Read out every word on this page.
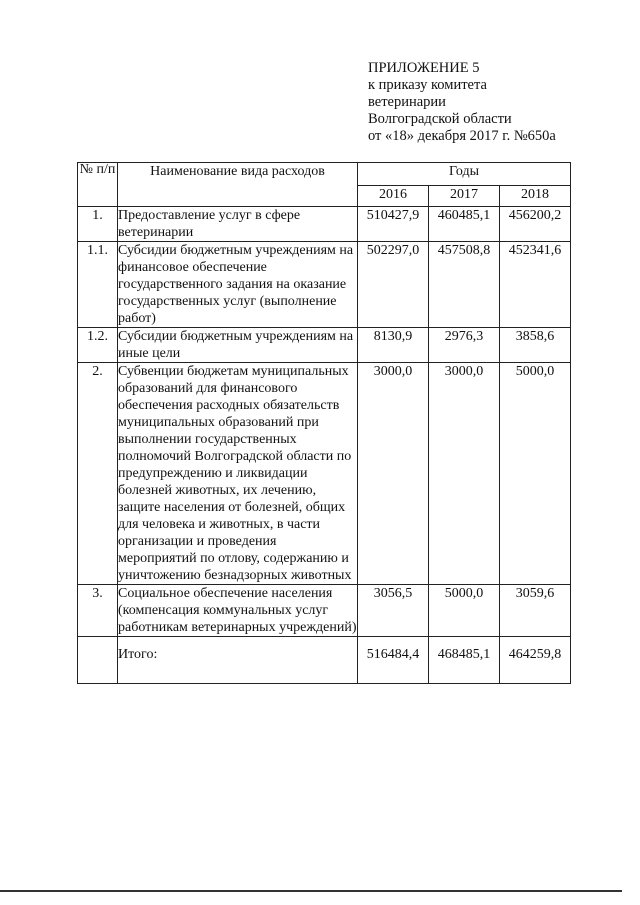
ПРИЛОЖЕНИЕ 5
к приказу комитета
ветеринарии
Волгоградской области
от «18» декабря 2017 г. №650а
№ п/п	Наименование вида расходов	Годы		
		2016	2017	2018
1.	Предоставление услуг в сфере ветеринарии	510427,9	460485,1	456200,2
1.1.	Субсидии бюджетным учреждениям на финансовое обеспечение государственного задания на оказание государственных услуг (выполнение работ)	502297,0	457508,8	452341,6
1.2.	Субсидии бюджетным учреждениям на иные цели	8130,9	2976,3	3858,6
2.	Субвенции бюджетам муниципальных образований для финансового обеспечения расходных обязательств муниципальных образований при выполнении государственных полномочий Волгоградской области по предупреждению и ликвидации болезней животных, их лечению, защите населения от болезней, общих для человека и животных, в части организации и проведения мероприятий по отлову, содержанию и уничтожению безнадзорных животных	3000,0	3000,0	5000,0
3.	Социальное обеспечение населения (компенсация коммунальных услуг работникам ветеринарных учреждений)	3056,5	5000,0	3059,6
	Итого:	516484,4	468485,1	464259,8
